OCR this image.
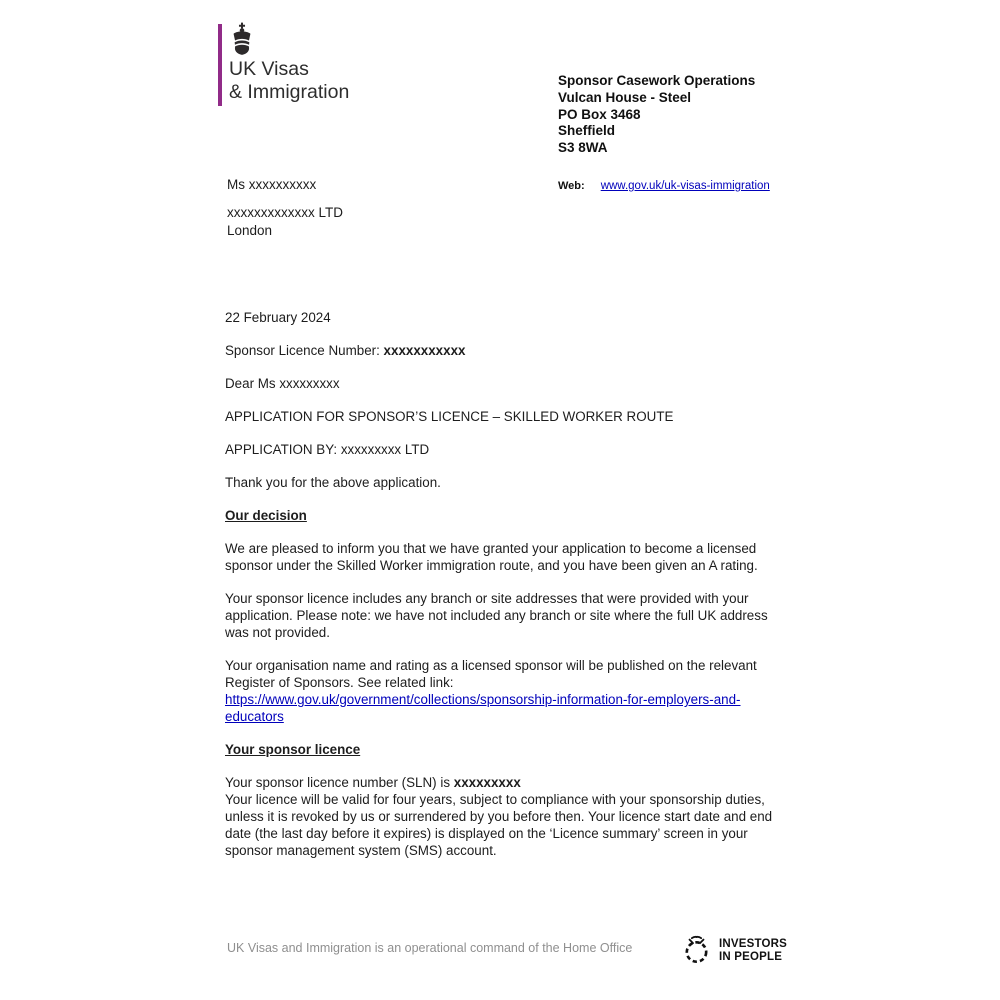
UK Visas
& Immigration	Sponsor Casework Operations
Vulcan House - Steel
PO Box 3468
Sheffield
S3 8WA
Web: www.gov.uk/uk-visas-immigration
Ms xxxxxxxxxx
xxxxxxxxxxxxx LTD
London

22 February 2024

Sponsor Licence Number: xxxxxxxxxxx

Dear Ms xxxxxxxxx

APPLICATION FOR SPONSOR’S LICENCE – SKILLED WORKER ROUTE

APPLICATION BY: xxxxxxxxx LTD

Thank you for the above application.

Our decision

We are pleased to inform you that we have granted your application to become a licensed sponsor under the Skilled Worker immigration route, and you have been given an A rating.

Your sponsor licence includes any branch or site addresses that were provided with your application. Please note: we have not included any branch or site where the full UK address was not provided.

Your organisation name and rating as a licensed sponsor will be published on the relevant Register of Sponsors. See related link: https://www.gov.uk/government/collections/sponsorship-information-for-employers-and-educators

Your sponsor licence

Your sponsor licence number (SLN) is xxxxxxxxx

Your licence will be valid for four years, subject to compliance with your sponsorship duties, unless it is revoked by us or surrendered by you before then. Your licence start date and end date (the last day before it expires) is displayed on the ‘Licence summary’ screen in your sponsor management system (SMS) account.

UK Visas and Immigration is an operational command of the Home Office	INVESTORS
IN PEOPLE
